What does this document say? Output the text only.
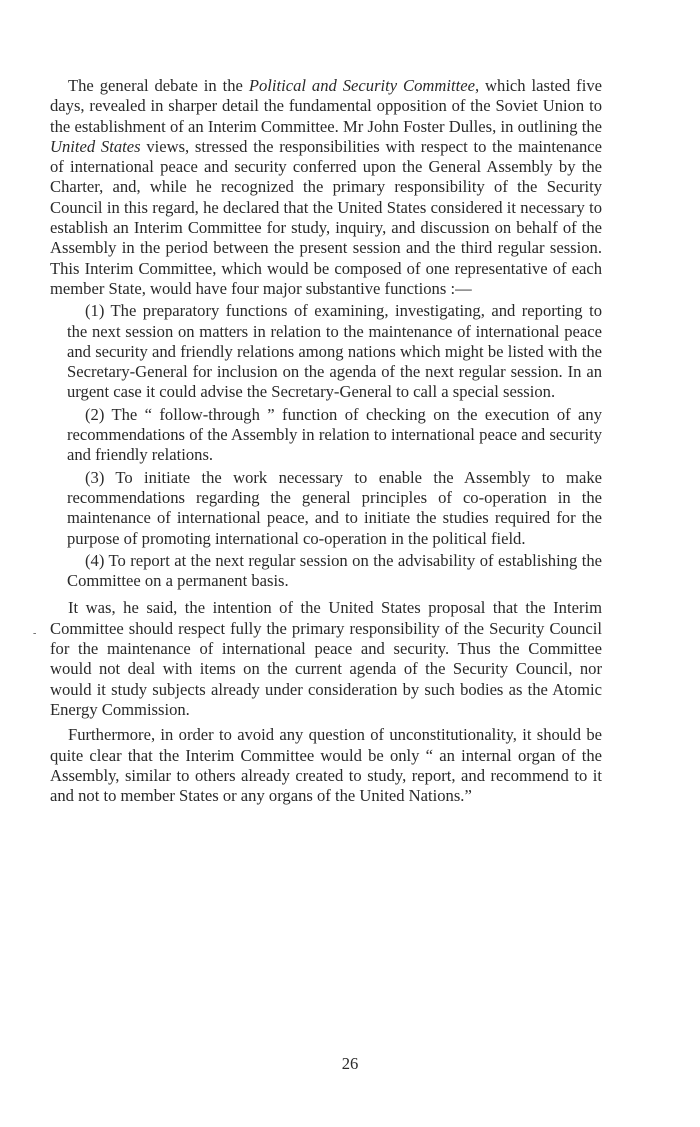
The general debate in the Political and Security Committee, which lasted five days, revealed in sharper detail the fundamental opposition of the Soviet Union to the establishment of an Interim Committee. Mr John Foster Dulles, in outlining the United States views, stressed the responsibilities with respect to the maintenance of international peace and security conferred upon the General Assembly by the Charter, and, while he recognized the primary responsibility of the Security Council in this regard, he declared that the United States considered it necessary to establish an Interim Committee for study, inquiry, and discussion on behalf of the Assembly in the period between the present session and the third regular session. This Interim Committee, which would be composed of one representative of each member State, would have four major substantive functions :—

(1) The preparatory functions of examining, investigating, and reporting to the next session on matters in relation to the maintenance of international peace and security and friendly relations among nations which might be listed with the Secretary-General for inclusion on the agenda of the next regular session. In an urgent case it could advise the Secretary-General to call a special session.

(2) The “ follow-through ” function of checking on the execution of any recommendations of the Assembly in relation to international peace and security and friendly relations.

(3) To initiate the work necessary to enable the Assembly to make recommendations regarding the general principles of co-operation in the maintenance of international peace, and to initiate the studies required for the purpose of promoting international co-operation in the political field.

(4) To report at the next regular session on the advisability of establishing the Committee on a permanent basis.

It was, he said, the intention of the United States proposal that the Interim Committee should respect fully the primary responsibility of the Security Council for the maintenance of international peace and security. Thus the Committee would not deal with items on the current agenda of the Security Council, nor would it study subjects already under consideration by such bodies as the Atomic Energy Commission.

Furthermore, in order to avoid any question of unconstitutionality, it should be quite clear that the Interim Committee would be only “ an internal organ of the Assembly, similar to others already created to study, report, and recommend to it and not to member States or any organs of the United Nations.”

-
26
